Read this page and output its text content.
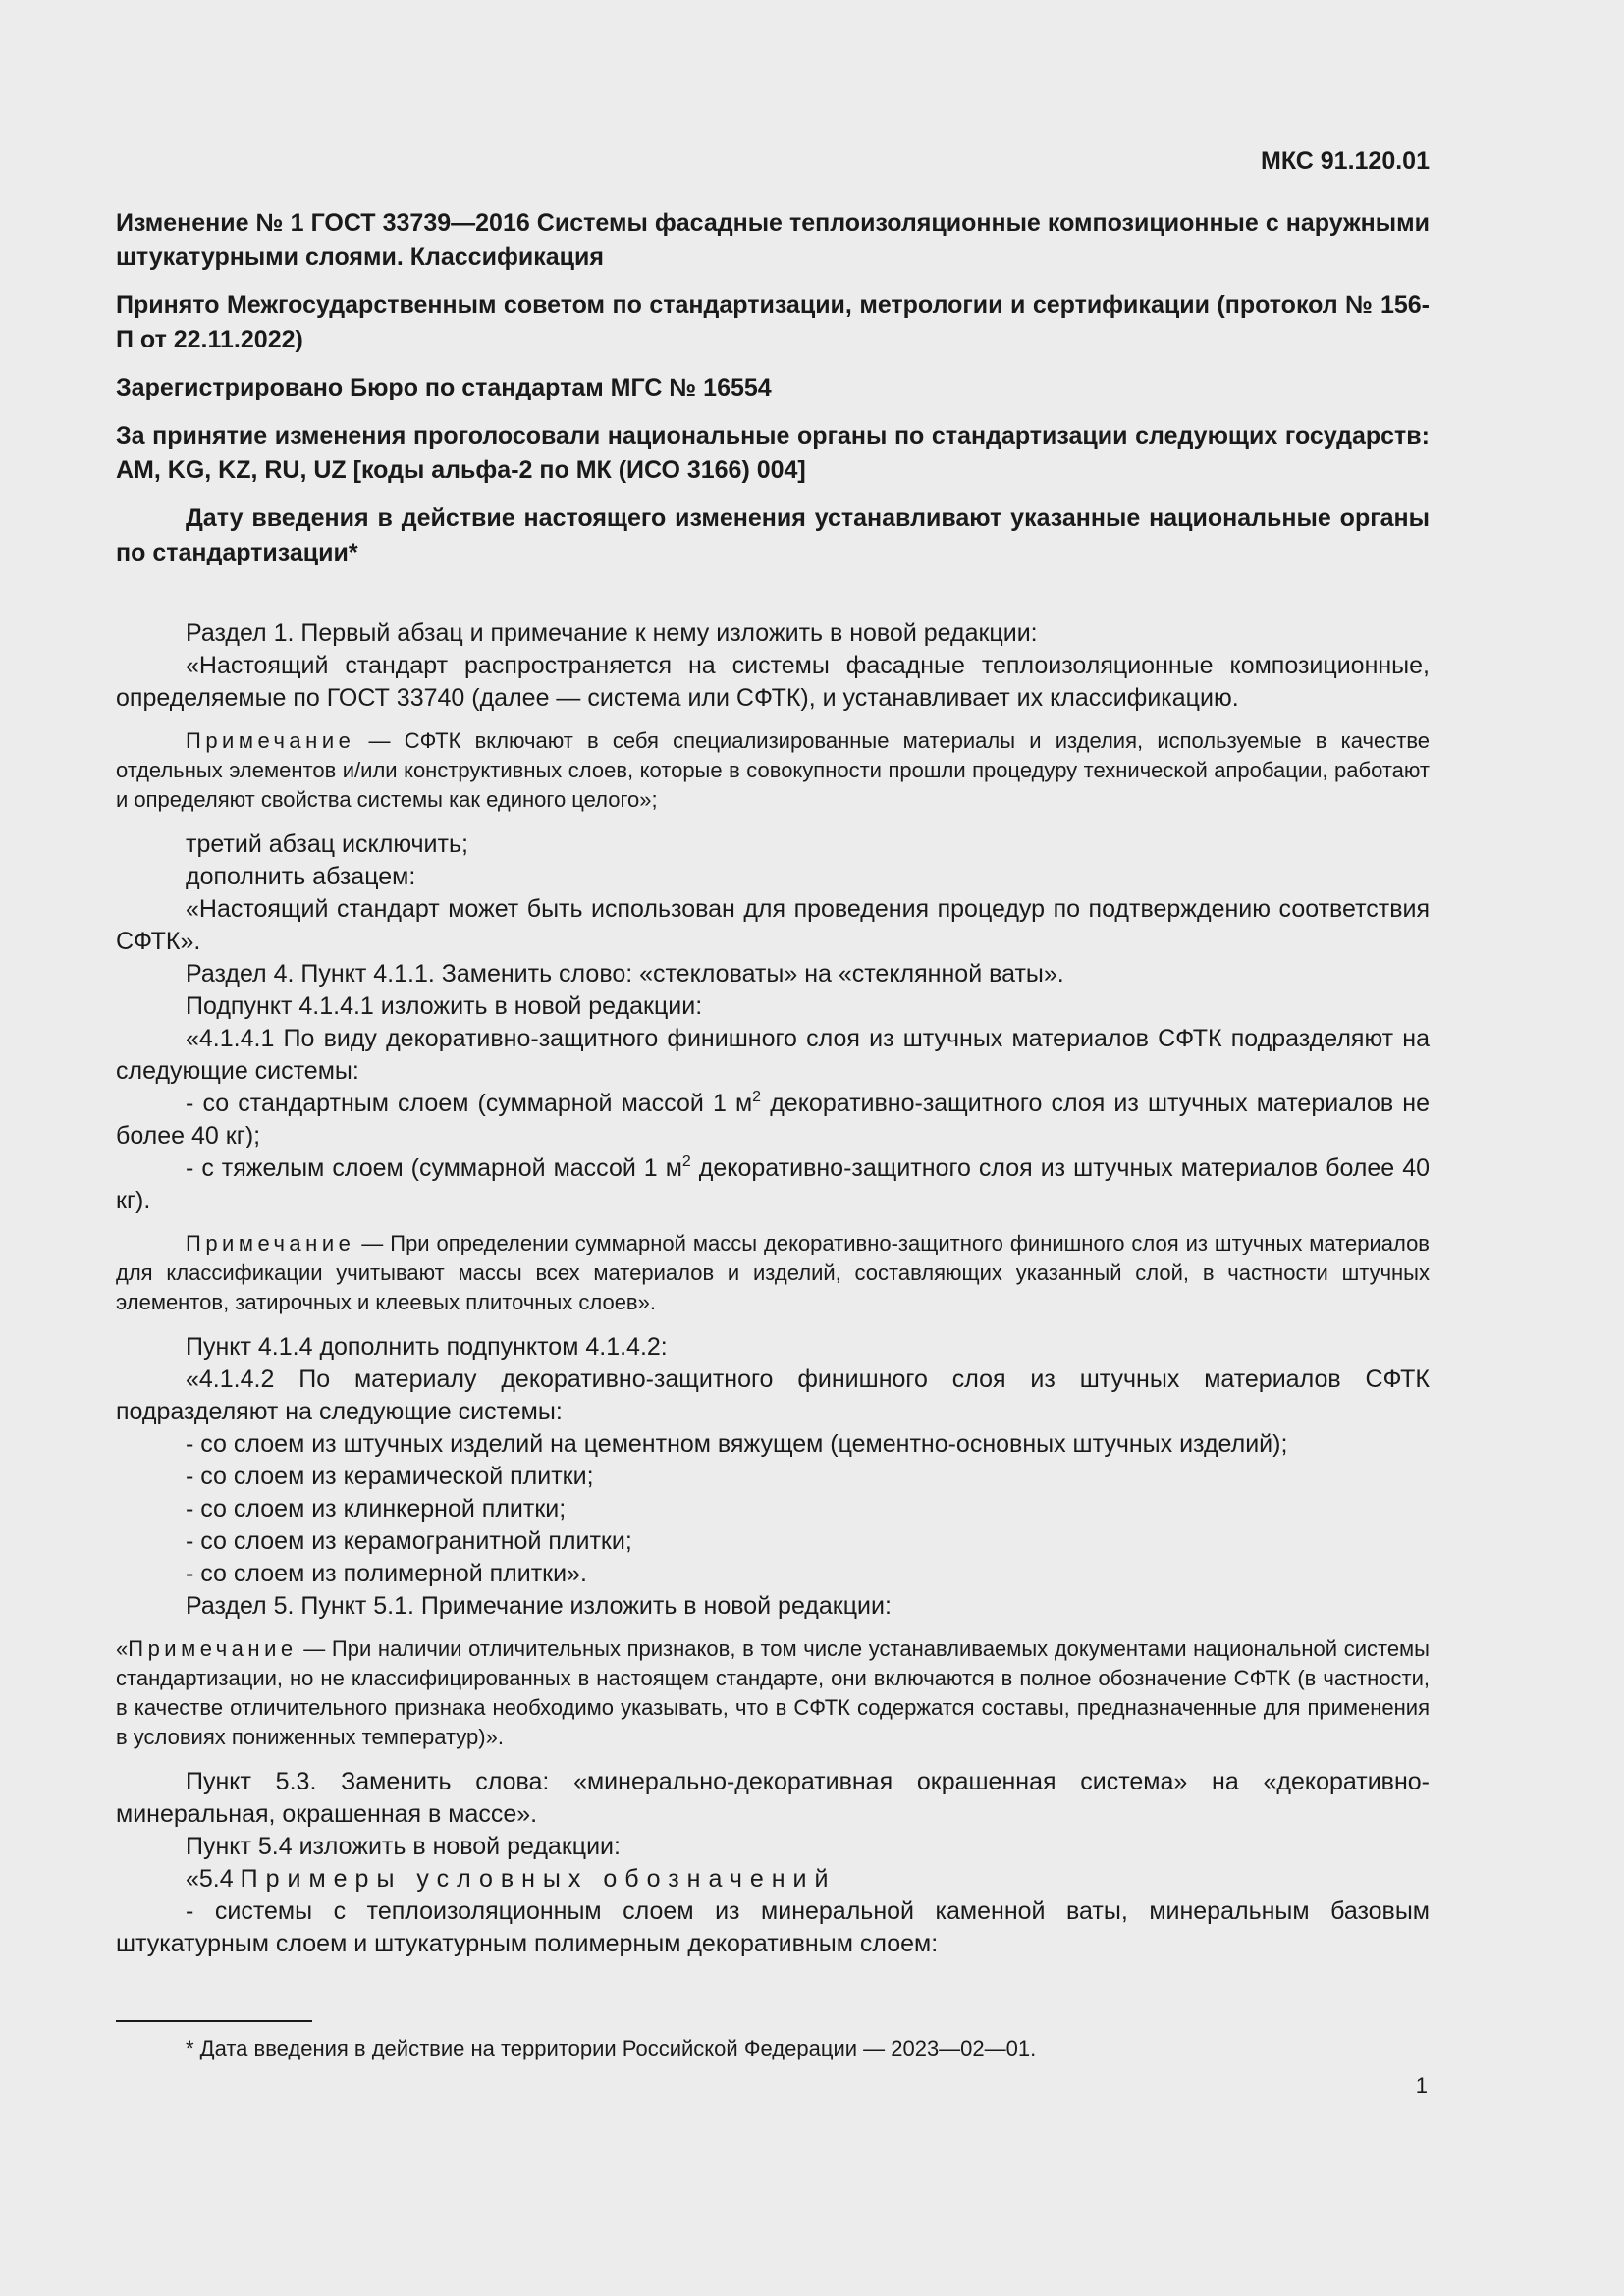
МКС 91.120.01
Изменение № 1 ГОСТ 33739—2016 Системы фасадные теплоизоляционные композиционные с наружными штукатурными слоями. Классификация
Принято Межгосударственным советом по стандартизации, метрологии и сертификации (протокол № 156-П от 22.11.2022)
Зарегистрировано Бюро по стандартам МГС № 16554
За принятие изменения проголосовали национальные органы по стандартизации следующих государств: AM, KG, KZ, RU, UZ [коды альфа-2 по МК (ИСО 3166) 004]
Дату введения в действие настоящего изменения устанавливают указанные национальные органы по стандартизации*

Раздел 1. Первый абзац и примечание к нему изложить в новой редакции:

«Настоящий стандарт распространяется на системы фасадные теплоизоляционные композиционные, определяемые по ГОСТ 33740 (далее — система или СФТК), и устанавливает их классификацию.

Примечание — СФТК включают в себя специализированные материалы и изделия, используемые в качестве отдельных элементов и/или конструктивных слоев, которые в совокупности прошли процедуру технической апробации, работают и определяют свойства системы как единого целого»;

третий абзац исключить;

дополнить абзацем:

«Настоящий стандарт может быть использован для проведения процедур по подтверждению соответствия СФТК».

Раздел 4. Пункт 4.1.1. Заменить слово: «стекловаты» на «стеклянной ваты».

Подпункт 4.1.4.1 изложить в новой редакции:

«4.1.4.1 По виду декоративно-защитного финишного слоя из штучных материалов СФТК подразделяют на следующие системы:

- со стандартным слоем (суммарной массой 1 $м^2$ декоративно-защитного слоя из штучных материалов не более 40 кг);

- с тяжелым слоем (суммарной массой 1 $м^2$ декоративно-защитного слоя из штучных материалов более 40 кг).

Примечание — При определении суммарной массы декоративно-защитного финишного слоя из штучных материалов для классификации учитывают массы всех материалов и изделий, составляющих указанный слой, в частности штучных элементов, затирочных и клеевых плиточных слоев».

Пункт 4.1.4 дополнить подпунктом 4.1.4.2:

«4.1.4.2 По материалу декоративно-защитного финишного слоя из штучных материалов СФТК подразделяют на следующие системы:

- со слоем из штучных изделий на цементном вяжущем (цементно-основных штучных изделий);

- со слоем из керамической плитки;

- со слоем из клинкерной плитки;

- со слоем из керамогранитной плитки;

- со слоем из полимерной плитки».

Раздел 5. Пункт 5.1. Примечание изложить в новой редакции:

«Примечание — При наличии отличительных признаков, в том числе устанавливаемых документами национальной системы стандартизации, но не классифицированных в настоящем стандарте, они включаются в полное обозначение СФТК (в частности, в качестве отличительного признака необходимо указывать, что в СФТК содержатся составы, предназначенные для применения в условиях пониженных температур)».

Пункт 5.3. Заменить слова: «минерально-декоративная окрашенная система» на «декоративно-минеральная, окрашенная в массе».

Пункт 5.4 изложить в новой редакции:

«5.4 Примеры условных обозначений

- системы с теплоизоляционным слоем из минеральной каменной ваты, минеральным базовым штукатурным слоем и штукатурным полимерным декоративным слоем:

* Дата введения в действие на территории Российской Федерации — 2023—02—01.
1
